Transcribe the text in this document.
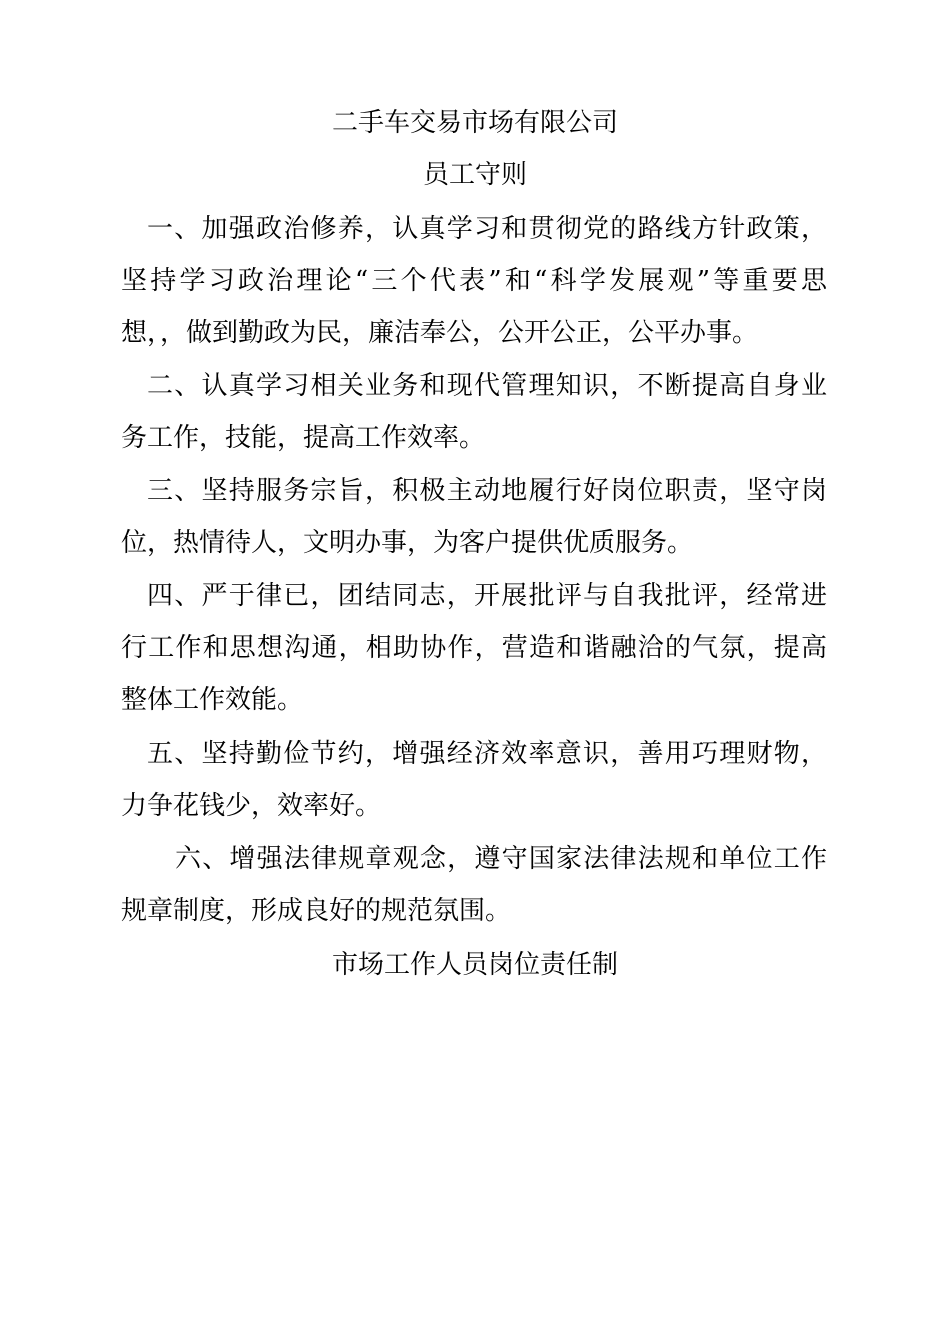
二手车交易市场有限公司
员工守则
一、加强政治修养，认真学习和贯彻党的路线方针政策，
坚持学习政治理论“三个代表”和“科学发展观”等重要思
想，，做到勤政为民，廉洁奉公，公开公正，公平办事。
二、认真学习相关业务和现代管理知识，不断提高自身业
务工作，技能，提高工作效率。
三、坚持服务宗旨，积极主动地履行好岗位职责，坚守岗
位，热情待人，文明办事，为客户提供优质服务。
四、严于律已，团结同志，开展批评与自我批评，经常进
行工作和思想沟通，相助协作，营造和谐融洽的气氛，提高
整体工作效能。
五、坚持勤俭节约，增强经济效率意识，善用巧理财物，
力争花钱少，效率好。
六、增强法律规章观念，遵守国家法律法规和单位工作
规章制度，形成良好的规范氛围。
市场工作人员岗位责任制
